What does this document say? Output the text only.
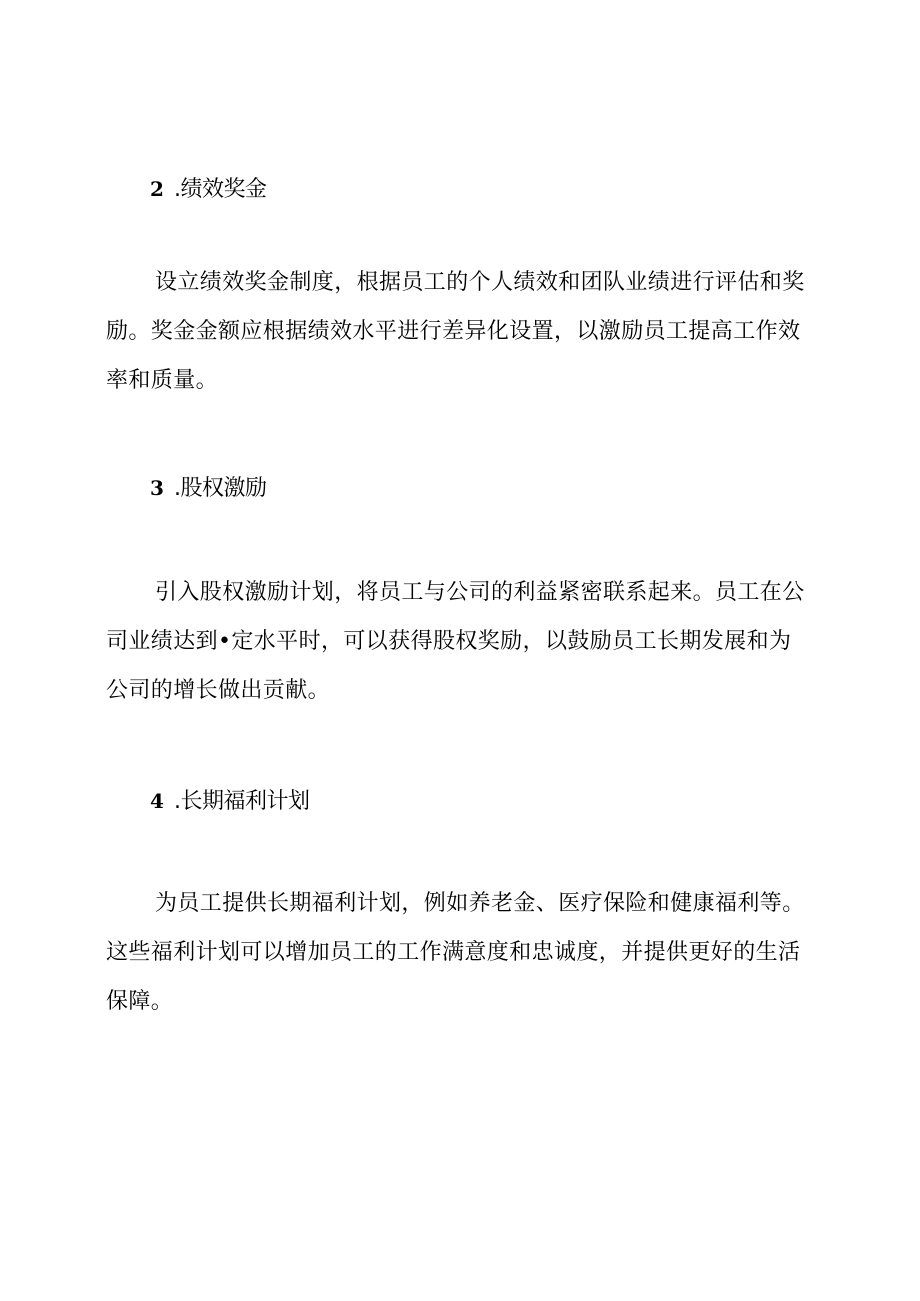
2 .绩效奖金

设立绩效奖金制度，根据员工的个人绩效和团队业绩进行评估和奖励。奖金金额应根据绩效水平进行差异化设置，以激励员工提高工作效率和质量。

3 .股权激励

引入股权激励计划，将员工与公司的利益紧密联系起来。员工在公司业绩达到•定水平时，可以获得股权奖励，以鼓励员工长期发展和为公司的增长做出贡献。

4 .长期福利计划

为员工提供长期福利计划，例如养老金、医疗保险和健康福利等。这些福利计划可以增加员工的工作满意度和忠诚度，并提供更好的生活保障。
